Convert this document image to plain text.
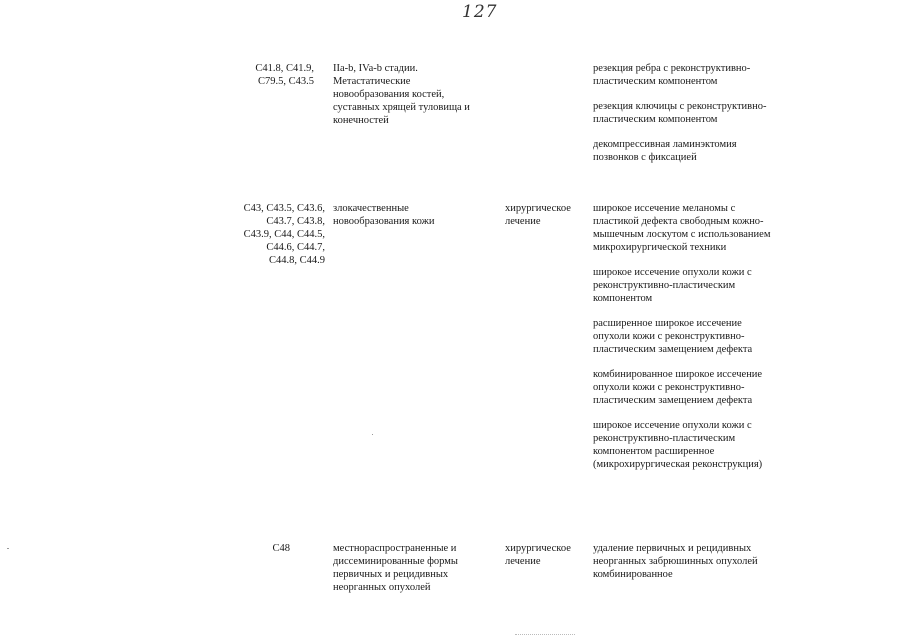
127
C41.8, C41.9,
C79.5, C43.5
IIa-b, IVa-b стадии. Метастатические новообразования костей, суставных хрящей туловища и конечностей
резекция ребра с реконструктивно-пластическим компонентом
резекция ключицы с реконструктивно-пластическим компонентом
декомпрессивная ламинэктомия позвонков с фиксацией
C43, C43.5, C43.6,
C43.7, C43.8,
C43.9, C44, C44.5,
C44.6, C44.7,
C44.8, C44.9
злокачественные новообразования кожи
хирургическое лечение
широкое иссечение меланомы с пластикой дефекта свободным кожно-мышечным лоскутом с использованием микрохирургической техники
широкое иссечение опухоли кожи с реконструктивно-пластическим компонентом
расширенное широкое иссечение опухоли кожи с реконструктивно-пластическим замещением дефекта
комбинированное широкое иссечение опухоли кожи с реконструктивно-пластическим замещением дефекта
широкое иссечение опухоли кожи с реконструктивно-пластическим компонентом расширенное (микрохирургическая реконструкция)
C48	местнораспространенные и диссеминированные формы первичных и рецидивных неорганных опухолей
хирургическое лечение
удаление первичных и рецидивных неорганных забрюшинных опухолей комбинированное
